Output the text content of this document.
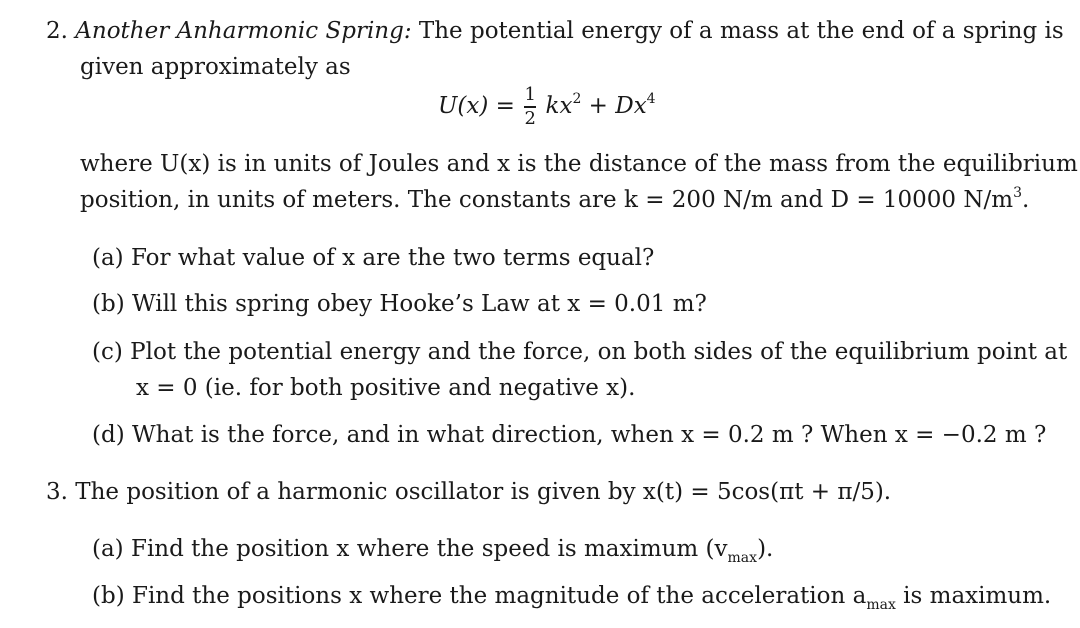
2. Another Anharmonic Spring: The potential energy of a mass at the end of a spring is
given approximately as
$U(x) = \frac{1}{2} kx^2 + Dx^4$
where U(x) is in units of Joules and x is the distance of the mass from the equilibrium
position, in units of meters. The constants are k = 200 N/m and D = 10000 $N/m^3$.
(a) For what value of x are the two terms equal?
(b) Will this spring obey Hooke’s Law at x = 0.01 m?
(c) Plot the potential energy and the force, on both sides of the equilibrium point at
x = 0 (ie. for both positive and negative x).
(d) What is the force, and in what direction, when x = 0.2 m ? When x = −0.2 m ?
3. The position of a harmonic oscillator is given by x(t) = 5cos(πt + π/5).
(a) Find the position x where the speed is maximum $(v_{max})$.
(b) Find the positions x where the magnitude of the acceleration $a_{max}$ is maximum.
